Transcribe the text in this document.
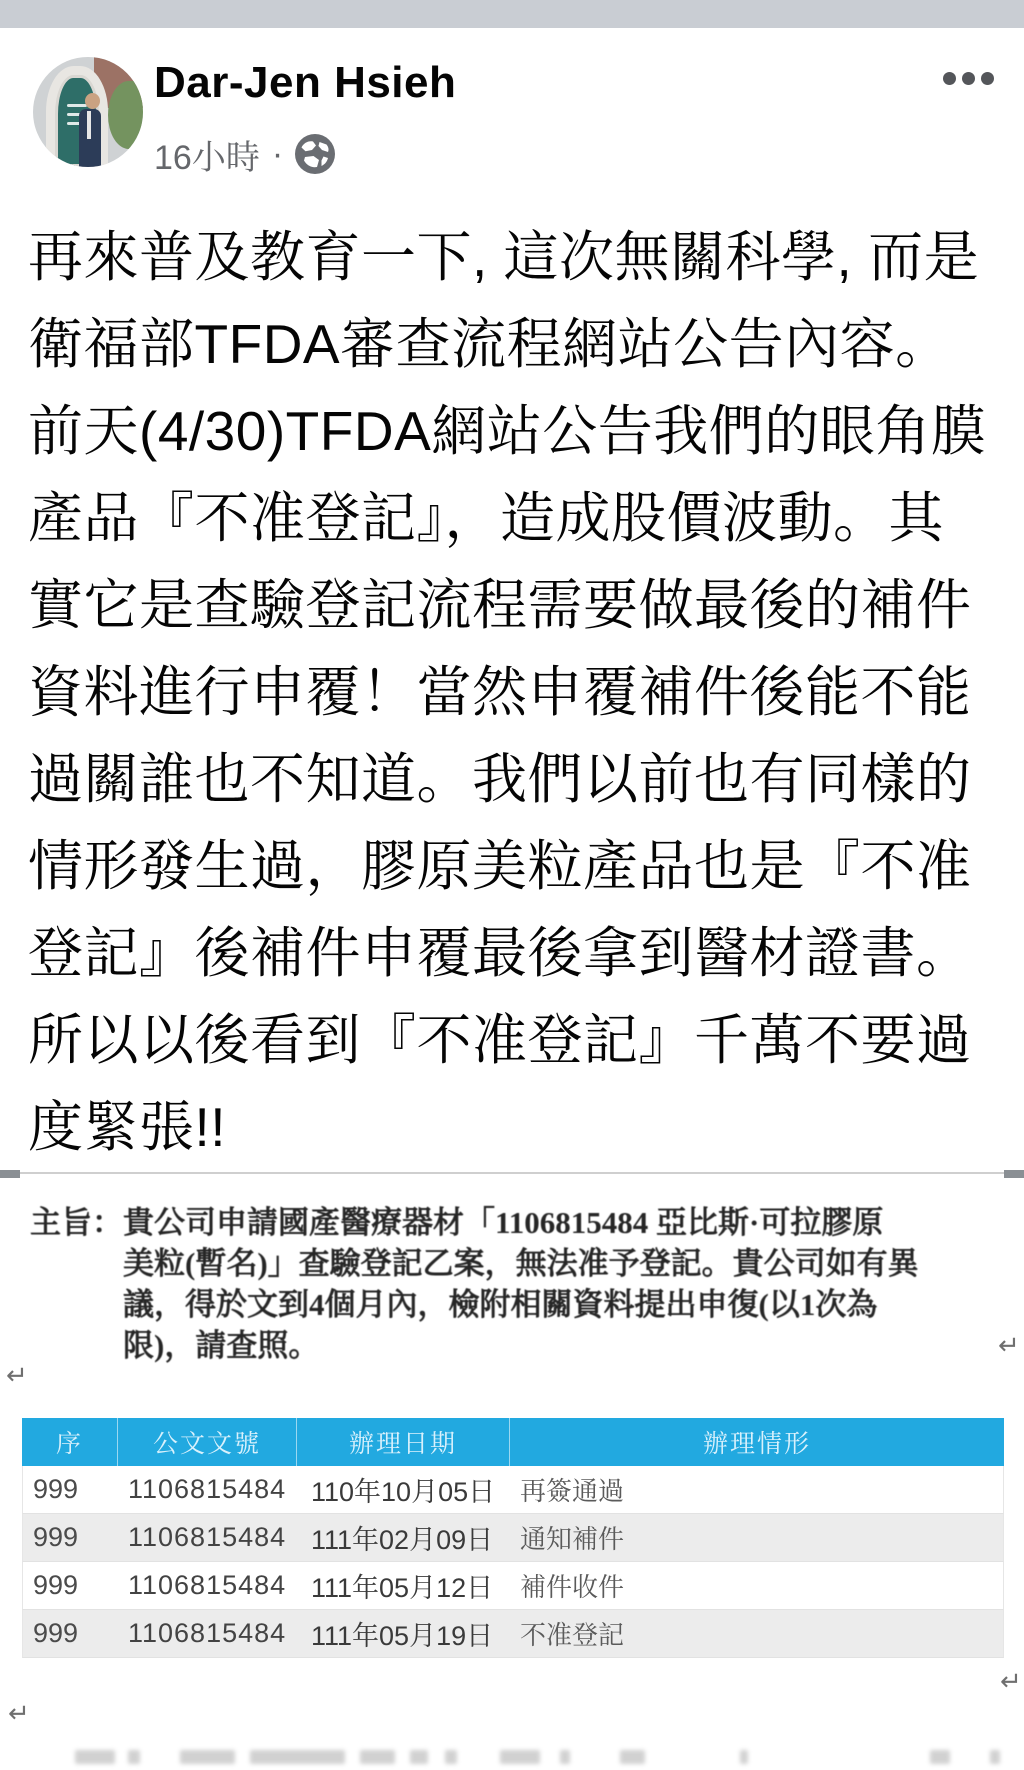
Dar-Jen Hsieh
16小時 ·
再來普及教育一下, 這次無關科學, 而是衛福部TFDA審查流程網站公告內容。前天(4/30)TFDA網站公告我們的眼角膜產品『不准登記』，造成股價波動。其實它是查驗登記流程需要做最後的補件資料進行申覆！當然申覆補件後能不能過關誰也不知道。我們以前也有同樣的情形發生過，膠原美粒產品也是『不准登記』後補件申覆最後拿到醫材證書。所以以後看到『不准登記』千萬不要過度緊張!!
主旨：貴公司申請國產醫療器材「1106815484 亞比斯·可拉膠原
美粒(暫名)」查驗登記乙案，無法准予登記。貴公司如有異
議，得於文到4個月內，檢附相關資料提出申復(以1次為
限)，請查照。	↵
↵
序	公文文號	辦理日期	辦理情形
999	1106815484 110年10月05日 再簽通過
999	1106815484 111年02月09日	通知補件
999	1106815484 111年05月12日	補件收件
999	1106815484 111年05月19日	不准登記
↵
↵
